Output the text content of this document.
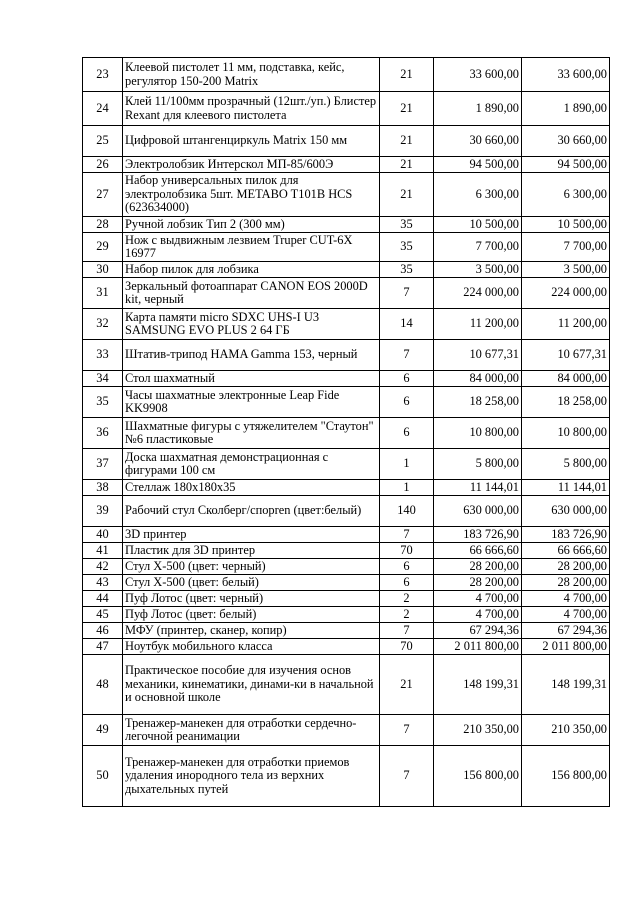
23	Клеевой пистолет 11 мм, подставка, кейс, регулятор 150-200 Matrix	21	33 600,00	33 600,00
24	Клей 11/100мм прозрачный (12шт./уп.) Блистер Rexant для клеевого пистолета	21	1 890,00	1 890,00
25	Цифровой штангенциркуль Matrix 150 мм	21	30 660,00	30 660,00
26	Электролобзик Интерскол МП-85/600Э	21	94 500,00	94 500,00
27	Набор универсальных пилок для электролобзика 5шт. METABO T101B HCS (623634000)	21	6 300,00	6 300,00
28	Ручной лобзик Тип 2 (300 мм)	35	10 500,00	10 500,00
29	Нож с выдвижным лезвием Truper CUT-6X 16977	35	7 700,00	7 700,00
30	Набор пилок для лобзика	35	3 500,00	3 500,00
31	Зеркальный фотоаппарат CANON EOS 2000D kit, черный	7	224 000,00	224 000,00
32	Карта памяти micro SDXC UHS-I U3 SAMSUNG EVO PLUS 2 64 ГБ	14	11 200,00	11 200,00
33	Штатив-трипод HAMA Gamma 153, черный	7	10 677,31	10 677,31
34	Стол шахматный	6	84 000,00	84 000,00
35	Часы шахматные электронные Leap Fide KK9908	6	18 258,00	18 258,00
36	Шахматные фигуры с утяжелителем "Стаутон" №6 пластиковые	6	10 800,00	10 800,00
37	Доска шахматная демонстрационная с фигурами 100 см	1	5 800,00	5 800,00
38	Стеллаж 180х180х35	1	11 144,01	11 144,01
39	Рабочий стул Сколберг/спорren (цвет:белый)	140	630 000,00	630 000,00
40	3D принтер	7	183 726,90	183 726,90
41	Пластик для 3D принтер	70	66 666,60	66 666,60
42	Стул Х-500 (цвет: черный)	6	28 200,00	28 200,00
43	Стул Х-500 (цвет: белый)	6	28 200,00	28 200,00
44	Пуф Лотос (цвет: черный)	2	4 700,00	4 700,00
45	Пуф Лотос (цвет: белый)	2	4 700,00	4 700,00
46	МФУ (принтер, сканер, копир)	7	67 294,36	67 294,36
47	Ноутбук мобильного класса	70	2 011 800,00	2 011 800,00
48	Практическое пособие для изучения основ механики, кинематики, динами-ки в начальной и основной школе	21	148 199,31	148 199,31
49	Тренажер-манекен для отработки сердечно-легочной реанимации	7	210 350,00	210 350,00
50	Тренажер-манекен для отработки приемов удаления инородного тела из верхних дыхательных путей	7	156 800,00	156 800,00
